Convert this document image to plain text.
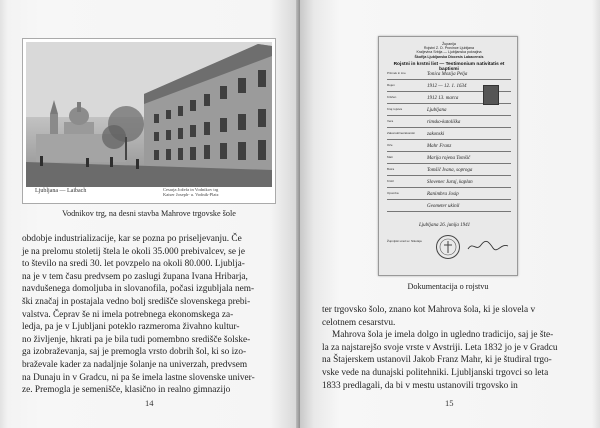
Ljubljana — Laibach	Cesarja Jožefa in Vodnikov trg
Kaiser Joseph- u. Vodnik-Platz
Vodnikov trg, na desni stavba Mahrove trgovske šole
obdobje industrializacije, kar se pozna po priseljevanju. Če
je na prelomu stoletij štela le okoli 35.000 prebivalcev, se je
to število na sredi 30. let povzpelo na okoli 80.000. Ljublja-
na je v tem času predvsem po zaslugi župana Ivana Hribarja,
navdušenega domoljuba in slovanofila, počasi izgubljala nem-
ški značaj in postajala vedno bolj središče slovenskega prebi-
valstva. Čeprav še ni imela potrebnega ekonomskega za-
ledja, pa je v Ljubljani poteklo razmeroma živahno kultur-
no življenje, hkrati pa je bila tudi pomembno središče šolske-
ga izobraževanja, saj je premogla vrsto dobrih šol, ki so izo-
braževale kader za nadaljnje šolanje na univerzah, predvsem
na Dunaju in v Gradcu, ni pa še imela lastne slovenske univer-
ze. Premogla je semenišče, klasično in realno gimnazijo
14
Županija
Rojstni Z. D. Province Ljubljana
Kraljevina Srbija — Ljubljanska pokrajina
Škofija Ljubljanska Diocesis Labacensis
Rojstni in krstni list — Testimonium nativitatis et baptismi
Priimek in ime	Tonica Mozija Pelja
Rojen	1912 — 12. 1. 1634
Krščen	1912 13. marca
Kraj rojstva	Ljubljana
Vera	rimsko-katoliška
Zakonski/nezakonski	zakonski
Oče	Mahr Franz
Mati	Marija rojena Tomšič
Botra	Tomšič Ivana, soproga
Krstil	Slovenec Juraj, kaplan
Opomba	Ranimbra Josip
Geometer ukinil
Ljubljana 26. junija 1941
Župnijski urad sv. Nikolaja
Dokumentacija o rojstvu
ter trgovsko šolo, znano kot Mahrova šola, ki je slovela v
celotnem cesarstvu.
Mahrova šola je imela dolgo in ugledno tradicijo, saj je šte-
la za najstarejšo svoje vrste v Avstriji. Leta 1832 jo je v Gradcu
na Štajerskem ustanovil Jakob Franz Mahr, ki je študiral trgo-
vske vede na dunajski politehniki. Ljubljanski trgovci so leta
1833 predlagali, da bi v mestu ustanovili trgovsko in
15
